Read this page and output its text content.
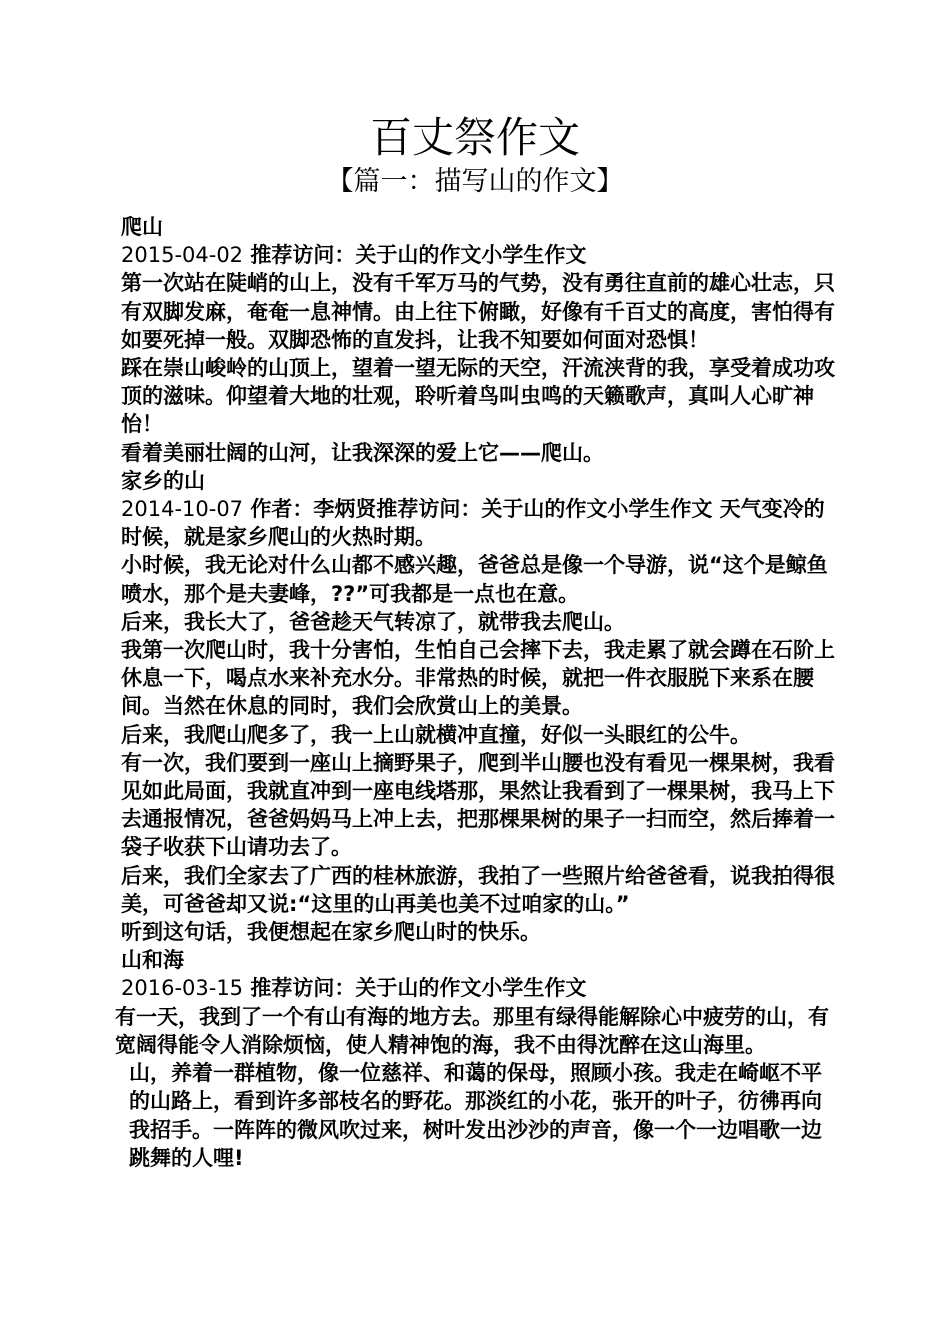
百丈祭作文
【篇一：描写山的作文】

爬山

2015-04-02 推荐访问：关于山的作文小学生作文

第一次站在陡峭的山上，没有千军万马的气势，没有勇往直前的雄心壮志，只有双脚发麻，奄奄一息神情。由上往下俯瞰，好像有千百丈的高度，害怕得有如要死掉一般。双脚恐怖的直发抖，让我不知要如何面对恐惧！

踩在崇山峻岭的山顶上，望着一望无际的天空，汗流浃背的我，享受着成功攻顶的滋味。仰望着大地的壮观，聆听着鸟叫虫鸣的天籁歌声，真叫人心旷神怡！

看着美丽壮阔的山河，让我深深的爱上它——爬山。

家乡的山

2014-10-07 作者：李炳贤推荐访问：关于山的作文小学生作文 天气变冷的时候，就是家乡爬山的火热时期。

小时候，我无论对什么山都不感兴趣，爸爸总是像一个导游，说“这个是鲸鱼喷水，那个是夫妻峰，??”可我都是一点也在意。

后来，我长大了，爸爸趁天气转凉了，就带我去爬山。

我第一次爬山时，我十分害怕，生怕自己会摔下去，我走累了就会蹲在石阶上休息一下，喝点水来补充水分。非常热的时候，就把一件衣服脱下来系在腰间。当然在休息的同时，我们会欣赏山上的美景。

后来，我爬山爬多了，我一上山就横冲直撞，好似一头眼红的公牛。

有一次，我们要到一座山上摘野果子，爬到半山腰也没有看见一棵果树，我看见如此局面，我就直冲到一座电线塔那，果然让我看到了一棵果树，我马上下去通报情况，爸爸妈妈马上冲上去，把那棵果树的果子一扫而空，然后捧着一袋子收获下山请功去了。

后来，我们全家去了广西的桂林旅游，我拍了一些照片给爸爸看，说我拍得很美，可爸爸却又说:“这里的山再美也美不过咱家的山。”

听到这句话，我便想起在家乡爬山时的快乐。

山和海

2016-03-15 推荐访问：关于山的作文小学生作文

有一天，我到了一个有山有海的地方去。那里有绿得能解除心中疲劳的山，有宽阔得能令人消除烦恼，使人精神饱的海，我不由得沈醉在这山海里。

山，养着一群植物，像一位慈祥、和蔼的保母，照顾小孩。我走在崎岖不平的山路上，看到许多部枝名的野花。那淡红的小花，张开的叶子，彷彿再向我招手。一阵阵的微风吹过来，树叶发出沙沙的声音，像一个一边唱歌一边跳舞的人哩!
